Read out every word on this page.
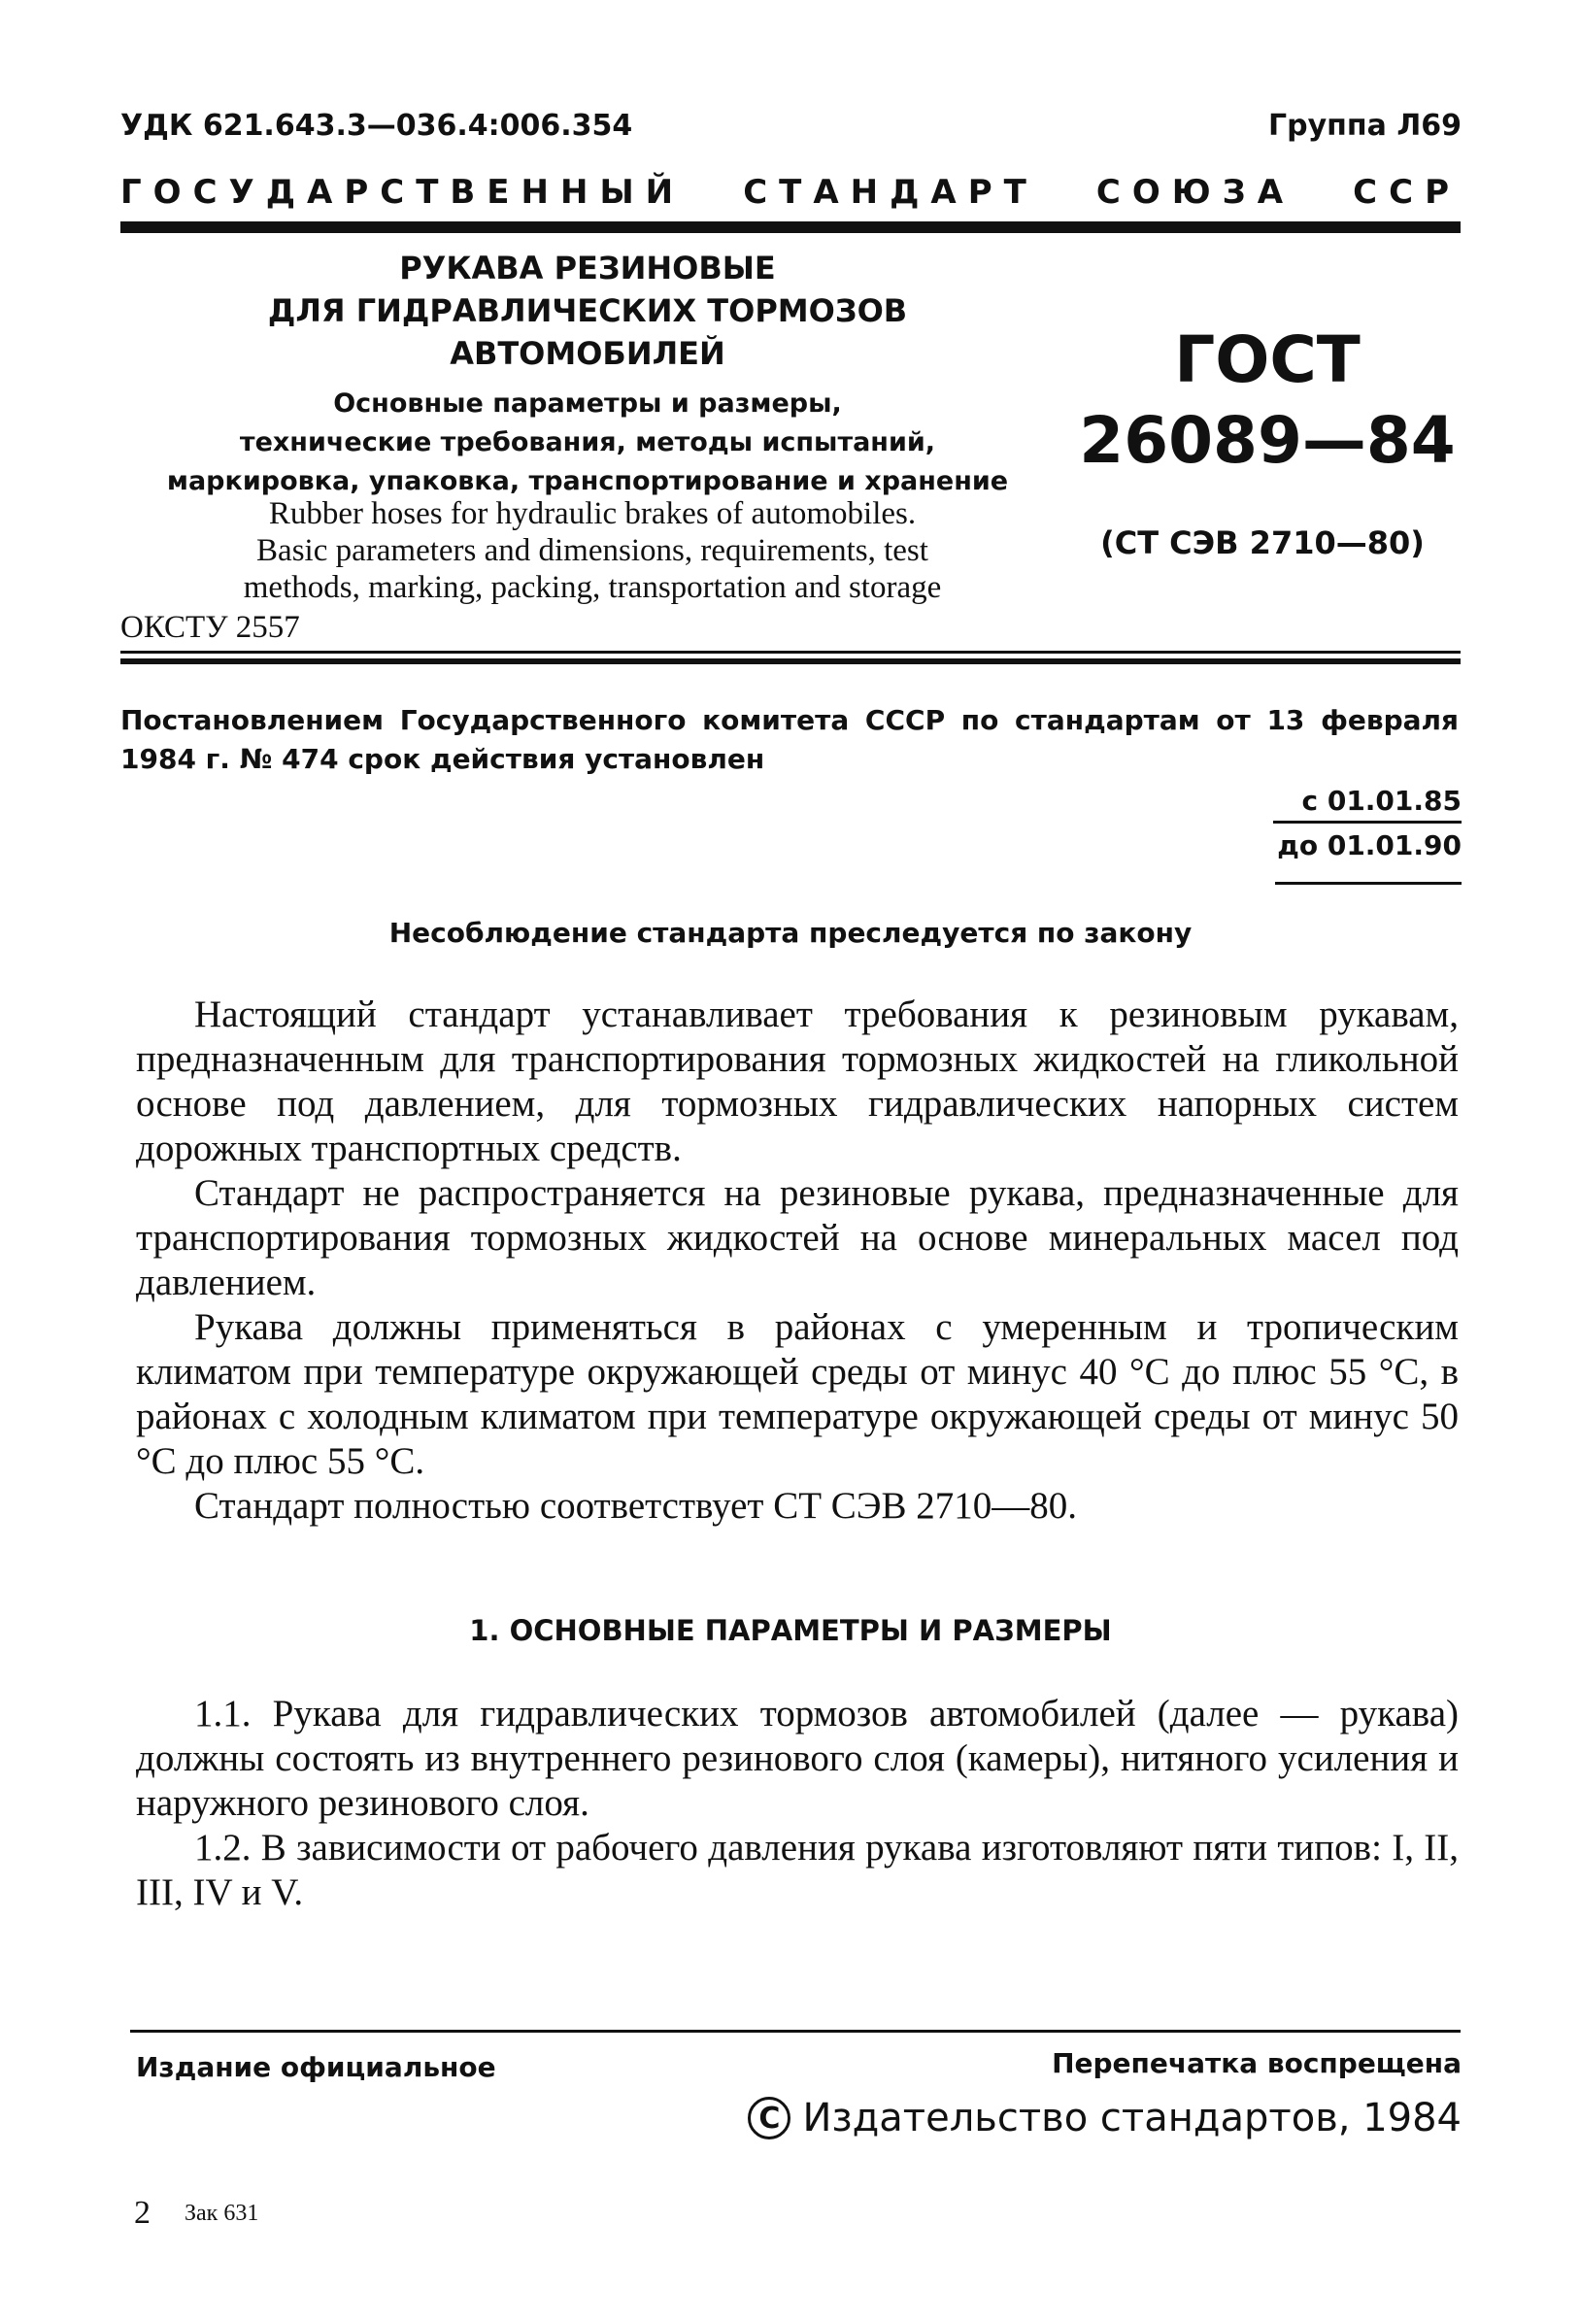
УДК 621.643.3—036.4:006.354	Группа Л69
ГОСУДАРСТВЕННЫЙ СТАНДАРТ СОЮЗА ССР
РУКАВА РЕЗИНОВЫЕ
ДЛЯ ГИДРАВЛИЧЕСКИХ ТОРМОЗОВ АВТОМОБИЛЕЙ
Основные параметры и размеры,
технические требования, методы испытаний,
маркировка, упаковка, транспортирование и хранение
ГОСТ
26089—84
(СТ СЭВ 2710—80)
Rubber hoses for hydraulic brakes of automobiles.
Basic parameters and dimensions, requirements, test
methods, marking, packing, transportation and storage
ОКСТУ 2557
Постановлением Государственного комитета СССР по стандартам от 13 февраля 1984 г. № 474 срок действия установлен
с 01.01.85
до 01.01.90
Несоблюдение стандарта преследуется по закону

Настоящий стандарт устанавливает требования к резиновым рукавам, предназначенным для транспортирования тормозных жидкостей на гликольной основе под давлением, для тормозных гидравлических напорных систем дорожных транспортных средств.

Стандарт не распространяется на резиновые рукава, предназначенные для транспортирования тормозных жидкостей на основе минеральных масел под давлением.

Рукава должны применяться в районах с умеренным и тропическим климатом при температуре окружающей среды от минус 40 °С до плюс 55 °С, в районах с холодным климатом при температуре окружающей среды от минус 50 °С до плюс 55 °С.

Стандарт полностью соответствует СТ СЭВ 2710—80.

1. ОСНОВНЫЕ ПАРАМЕТРЫ И РАЗМЕРЫ

1.1. Рукава для гидравлических тормозов автомобилей (далее — рукава) должны состоять из внутреннего резинового слоя (камеры), нитяного усиления и наружного резинового слоя.

1.2. В зависимости от рабочего давления рукава изготовляют пяти типов: I, II, III, IV и V.

Издание официальное	Перепечатка воспрещена
C Издательство стандартов, 1984
2 Зак 631
